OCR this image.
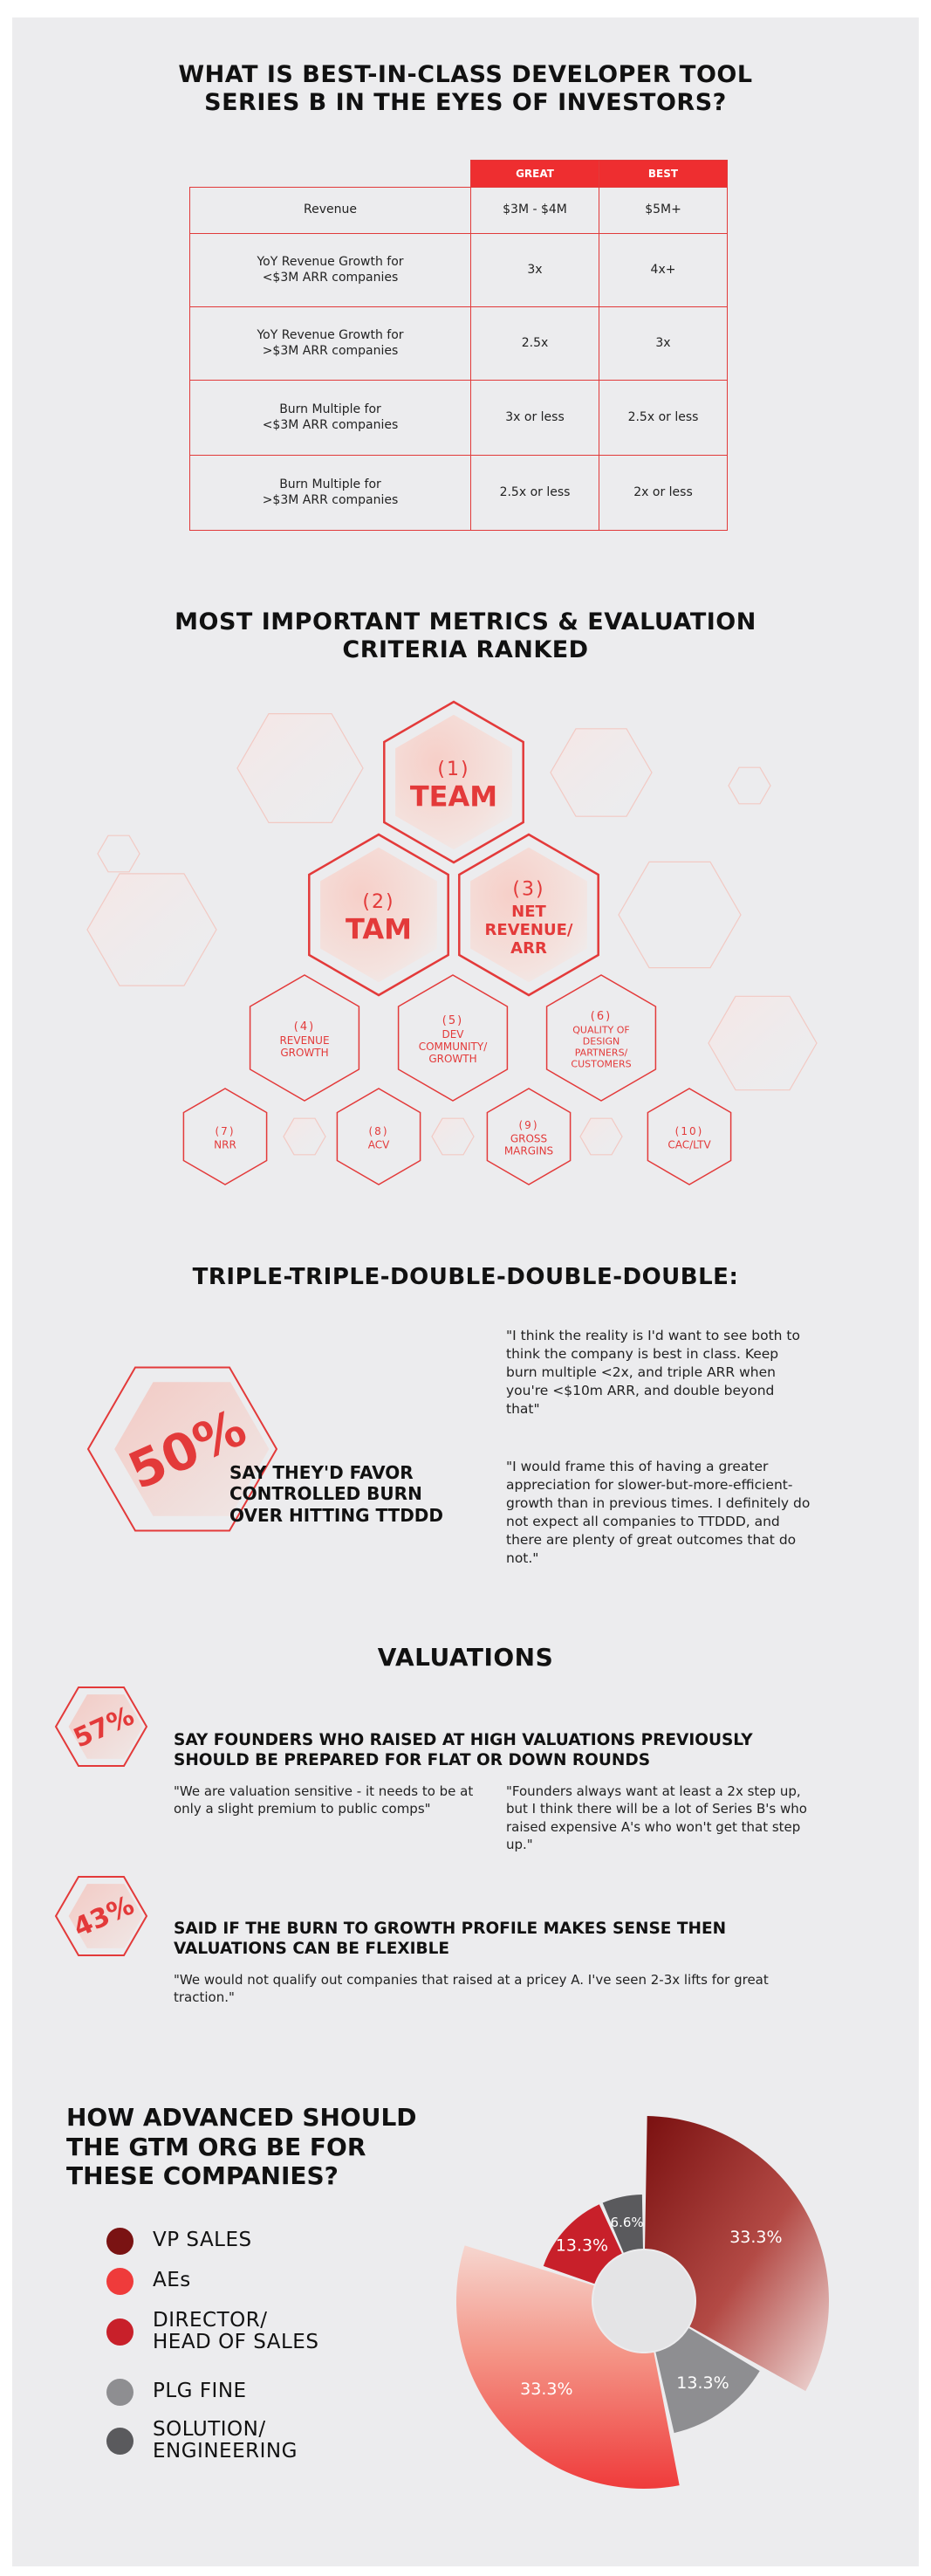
WHAT IS BEST-IN-CLASS DEVELOPER TOOL
SERIES B IN THE EYES OF INVESTORS?
	GREAT	BEST

Revenue	$3M - $4M	$5M+

YoY Revenue Growth for
<$3M ARR companies	3x	4x+

YoY Revenue Growth for
>$3M ARR companies	2.5x	3x

Burn Multiple for
<$3M ARR companies	3x or less	2.5x or less

Burn Multiple for
>$3M ARR companies	2.5x or less	2x or less
MOST IMPORTANT METRICS & EVALUATION
CRITERIA RANKED
(1)
TEAM
(2)
TAM
(3)
NET
REVENUE/
ARR
(4)
REVENUE
GROWTH
(5)
DEV
COMMUNITY/
GROWTH
(6)
QUALITY OF
DESIGN
PARTNERS/
CUSTOMERS
(7)
NRR
(8)
ACV
(9)
GROSS
MARGINS
(10)
CAC/LTV
50%
57%
43%
33.3%
13.3%
33.3%
13.3%
6.6%
TRIPLE-TRIPLE-DOUBLE-DOUBLE-DOUBLE:
"I think the reality is I'd want to see both to think the company is best in class. Keep burn multiple <2x, and triple ARR when you're <$10m ARR, and double beyond that"
"I would frame this of having a greater appreciation for slower-but-more-efficient-growth than in previous times. I definitely do not expect all companies to TTDDD, and there are plenty of great outcomes that do not."
SAY THEY'D FAVOR
CONTROLLED BURN
OVER HITTING TTDDD
VALUATIONS
SAY FOUNDERS WHO RAISED AT HIGH VALUATIONS PREVIOUSLY
SHOULD BE PREPARED FOR FLAT OR DOWN ROUNDS
"We are valuation sensitive - it needs to be at only a slight premium to public comps"
"Founders always want at least a 2x step up, but I think there will be a lot of Series B's who raised expensive A's who won't get that step up."
SAID IF THE BURN TO GROWTH PROFILE MAKES SENSE THEN
VALUATIONS CAN BE FLEXIBLE
"We would not qualify out companies that raised at a pricey A. I've seen 2-3x lifts for great traction."
HOW ADVANCED SHOULD
THE GTM ORG BE FOR
THESE COMPANIES?
VP SALES
AEs
DIRECTOR/
HEAD OF SALES
PLG FINE
SOLUTION/
ENGINEERING
